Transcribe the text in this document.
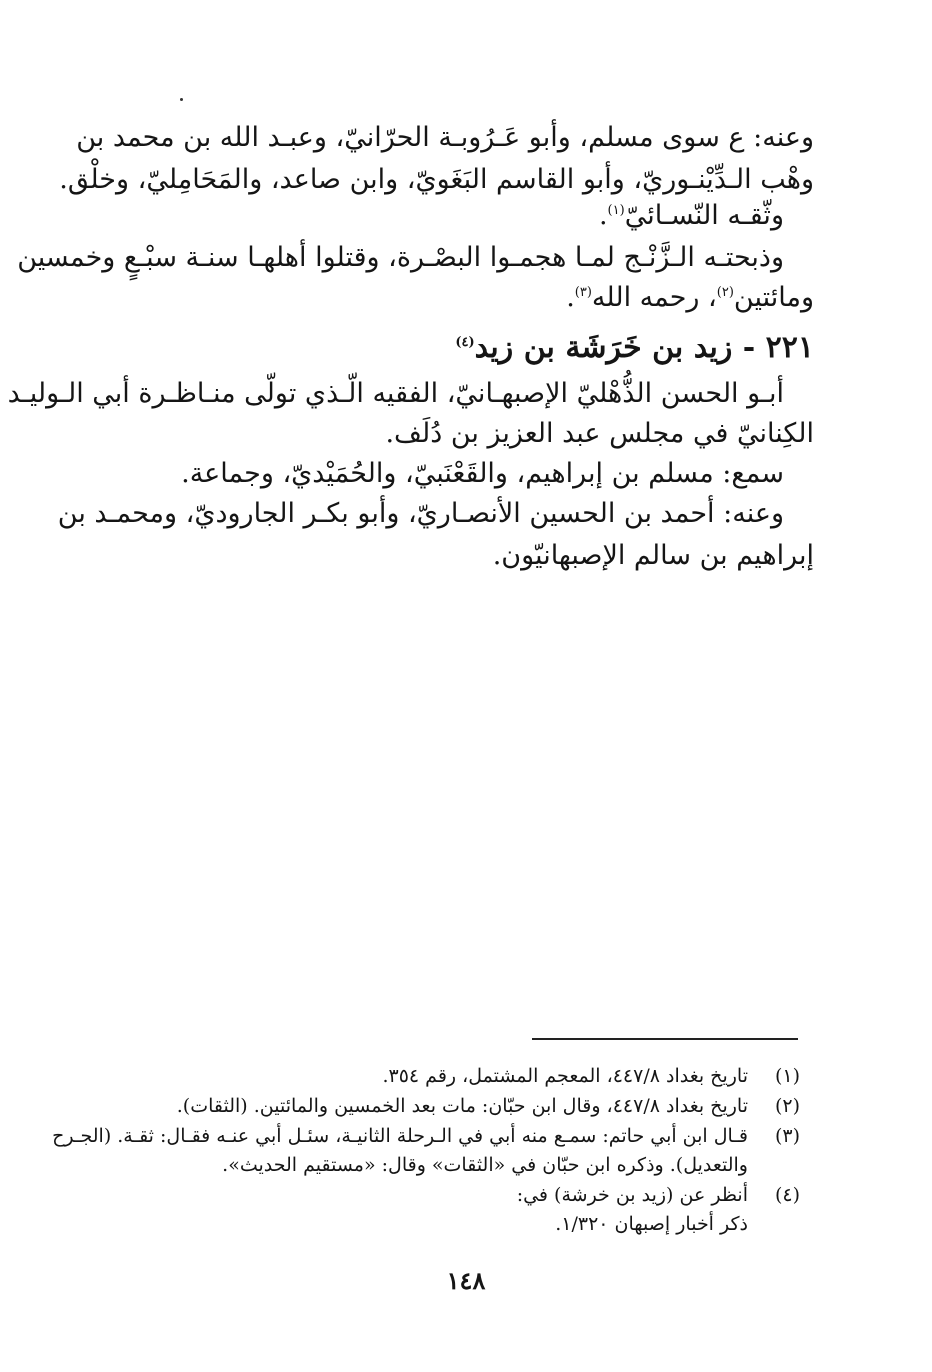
وعنه: ع سوى مسلم، وأبو عَـرُوبـة الحرّانيّ، وعبـد الله بن محمد بن
وهْب الـدِّيْنـوريّ، وأبو القاسم البَغَويّ، وابن صاعد، والمَحَامِليّ، وخلْق.
وثّقـه النّسـائيّ$^{(١)}$.
وذبحتـه الـزَّنْـج لمـا هجمـوا البصْـرة، وقتلوا أهلهـا سنـة سبْـعٍ وخمسين
ومائتين$^{(٢)}$، رحمه الله$^{(٣)}$.
٢٢١ - زيد بن خَرَشَة بن زيد$^{(٤)}$
أبـو الحسن الذُّهْليّ الإصبهـانيّ، الفقيه الّـذي تولّى منـاظـرة أبي الـوليـد
الكِنانيّ في مجلس عبد العزيز بن دُلَف.
سمع: مسلم بن إبراهيم، والقَعْنَبيّ، والحُمَيْديّ، وجماعة.
وعنه: أحمد بن الحسين الأنصـاريّ، وأبو بكـر الجاروديّ، ومحمـد بن
إبراهيم بن سالم الإصبهانيّون.
(١)
تاريخ بغداد ٤٤٧/٨، المعجم المشتمل، رقم ٣٥٤.
(٢)
تاريخ بغداد ٤٤٧/٨، وقال ابن حبّان: مات بعد الخمسين والمائتين. (الثقات).
(٣)
قـال ابن أبي حاتم: سمـع منه أبي في الـرحلة الثانيـة، سئـل أبي عنـه فقـال: ثقـة. (الجـرح
والتعديل). وذكره ابن حبّان في «الثقات» وقال: «مستقيم الحديث».
(٤)
أنظر عن (زيد بن خرشة) في:
ذكر أخبار إصبهان ١/٣٢٠.
١٤٨
